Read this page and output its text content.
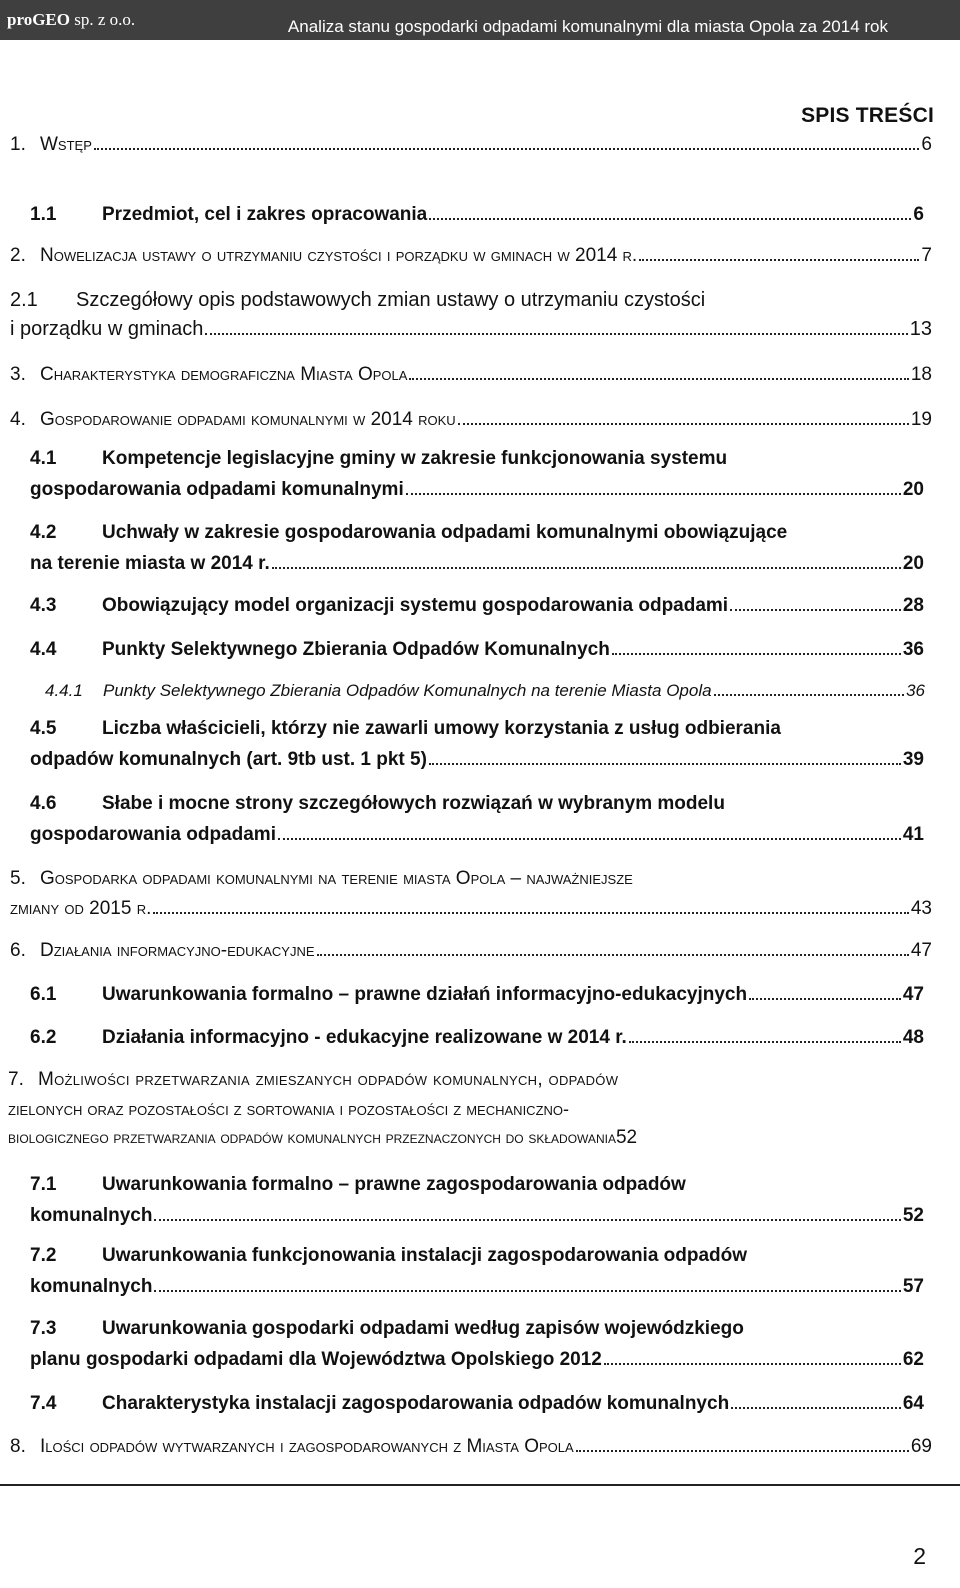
proGEO sp. z o.o.	Analiza stanu gospodarki odpadami komunalnymi dla miasta Opola za 2014 rok
SPIS TREŚCI
1. Wstęp	6
1.1	Przedmiot, cel i zakres opracowania	6
2. Nowelizacja ustawy o utrzymaniu czystości i porządku w gminach w 2014 r.	7
2.1	Szczegółowy opis podstawowych zmian ustawy o utrzymaniu czystości
i porządku w gminach	13
3. Charakterystyka demograficzna Miasta Opola	18
4. Gospodarowanie odpadami komunalnymi w 2014 roku	19
4.1	Kompetencje legislacyjne gminy w zakresie funkcjonowania systemu
gospodarowania odpadami komunalnymi	20
4.2	Uchwały w zakresie gospodarowania odpadami komunalnymi obowiązujące
na terenie miasta w 2014 r.	20
4.3	Obowiązujący model organizacji systemu gospodarowania odpadami	28
4.4	Punkty Selektywnego Zbierania Odpadów Komunalnych	36
4.4.1	Punkty Selektywnego Zbierania Odpadów Komunalnych na terenie Miasta Opola	36
4.5	Liczba właścicieli, którzy nie zawarli umowy korzystania z usług odbierania
odpadów komunalnych (art. 9tb ust. 1 pkt 5)	39
4.6	Słabe i mocne strony szczegółowych rozwiązań w wybranym modelu
gospodarowania odpadami	41
5. Gospodarka odpadami komunalnymi na terenie miasta Opola – najważniejsze
zmiany od 2015 r.	43
6. Działania informacyjno-edukacyjne	47
6.1	Uwarunkowania formalno – prawne działań informacyjno-edukacyjnych	47
6.2	Działania informacyjno - edukacyjne realizowane w 2014 r.	48
7. Możliwości przetwarzania zmieszanych odpadów komunalnych, odpadów
zielonych oraz pozostałości z sortowania i pozostałości z mechaniczno-
biologicznego przetwarzania odpadów komunalnych przeznaczonych do składowania 52
7.1	Uwarunkowania formalno – prawne zagospodarowania odpadów
komunalnych	52
7.2	Uwarunkowania funkcjonowania instalacji zagospodarowania odpadów
komunalnych	57
7.3	Uwarunkowania gospodarki odpadami według zapisów wojewódzkiego
planu gospodarki odpadami dla Województwa Opolskiego 2012	62
7.4	Charakterystyka instalacji zagospodarowania odpadów komunalnych	64
8. Ilości odpadów wytwarzanych i zagospodarowanych z Miasta Opola	69
2
